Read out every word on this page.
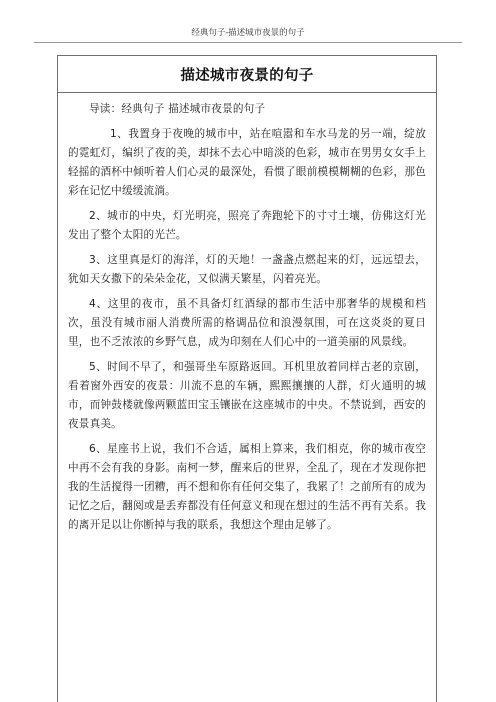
经典句子-描述城市夜景的句子
描述城市夜景的句子

导读：经典句子 描述城市夜景的句子

1、我置身于夜晚的城市中，站在喧嚣和车水马龙的另一端，绽放的霓虹灯，编织了夜的美，却抹不去心中暗淡的色彩，城市在男男女女手上轻摇的酒杯中倾听着人们心灵的最深处，看惯了眼前模模糊糊的色彩，那色彩在记忆中缓缓流淌。

2、城市的中央，灯光明亮，照亮了奔跑轮下的寸寸土壤，仿佛这灯光发出了整个太阳的光芒。

3、这里真是灯的海洋，灯的天地！一盏盏点燃起来的灯，远远望去，犹如天女撒下的朵朵金花，又似满天繁星，闪着亮光。

4、这里的夜市，虽不具备灯红酒绿的都市生活中那奢华的规模和档次，虽没有城市丽人消费所需的格调品位和浪漫氛围，可在这炎炎的夏日里，也不乏浓浓的乡野气息，成为印刻在人们心中的一道美丽的风景线。

5、时间不早了，和强哥坐车原路返回。耳机里放着同样古老的京剧，看着窗外西安的夜景：川流不息的车辆，熙熙攘攘的人群，灯火通明的城市，而钟鼓楼就像两颗蓝田宝玉镶嵌在这座城市的中央。不禁说到，西安的夜景真美。

6、星座书上说，我们不合适，属相上算来，我们相克，你的城市夜空中再不会有我的身影。南柯一梦，醒来后的世界，全乱了，现在才发现你把我的生活搅得一团糟，再不想和你有任何交集了，我累了！之前所有的成为记忆之后，翻阅或是丢弃都没有任何意义和现在想过的生活不再有关系。我的离开足以让你断掉与我的联系，我想这个理由足够了。
